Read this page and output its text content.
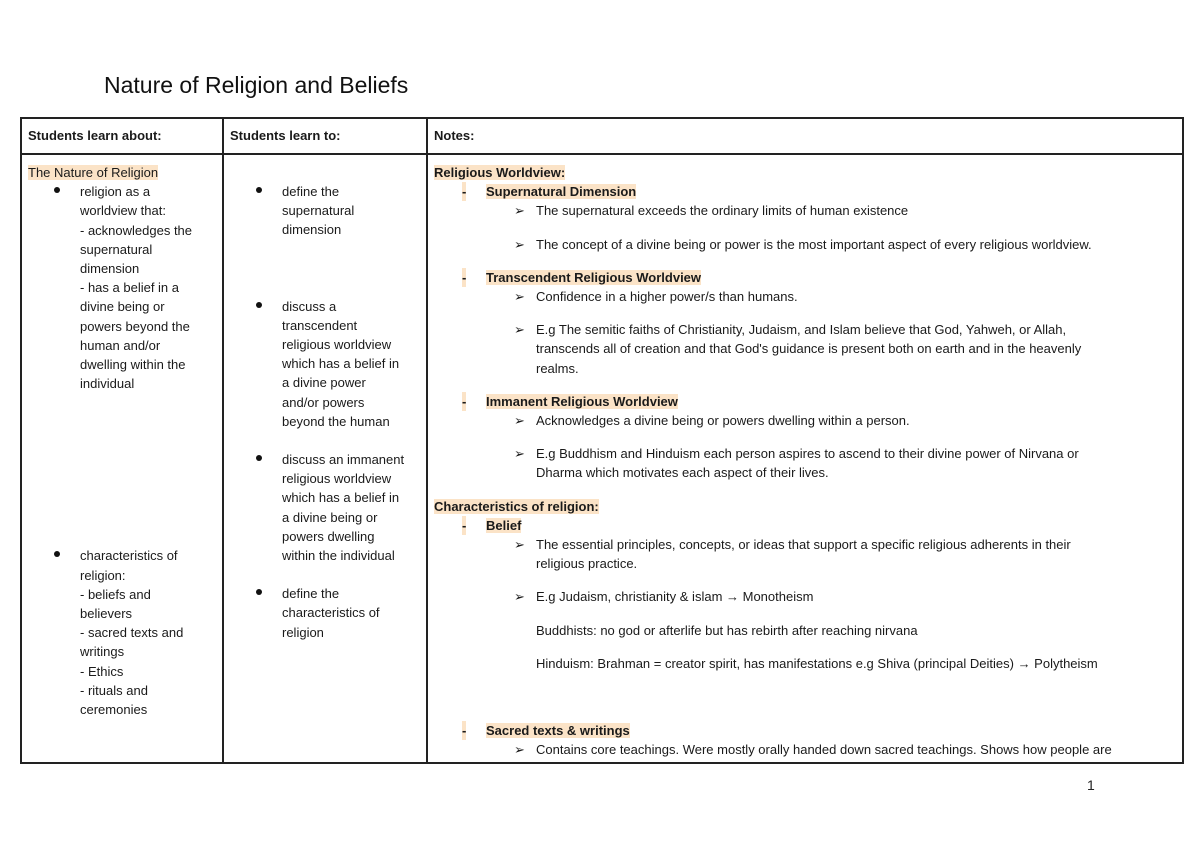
Nature of Religion and Beliefs
Students learn about:	Students learn to:	Notes:
The Nature of Religion
religion as a
worldview that:
- acknowledges the
supernatural
dimension
- has a belief in a
divine being or
powers beyond the
human and/or
dwelling within the
individual
characteristics of
religion:
- beliefs and
believers
- sacred texts and
writings
- Ethics
- rituals and
ceremonies
define the
supernatural
dimension
discuss a
transcendent
religious worldview
which has a belief in
a divine power
and/or powers
beyond the human
discuss an immanent
religious worldview
which has a belief in
a divine being or
powers dwelling
within the individual
define the
characteristics of
religion
Religious Worldview:
- Supernatural Dimension
➢ The supernatural exceeds the ordinary limits of human existence
➢ The concept of a divine being or power is the most important aspect of every religious worldview.
- Transcendent Religious Worldview
➢ Confidence in a higher power/s than humans.
➢ E.g The semitic faiths of Christianity, Judaism, and Islam believe that God, Yahweh, or Allah,
transcends all of creation and that God's guidance is present both on earth and in the heavenly
realms.
- Immanent Religious Worldview
➢ Acknowledges a divine being or powers dwelling within a person.
➢ E.g Buddhism and Hinduism each person aspires to ascend to their divine power of Nirvana or
Dharma which motivates each aspect of their lives.
Characteristics of religion:
- Belief
➢ The essential principles, concepts, or ideas that support a specific religious adherents in their
religious practice.
➢ E.g Judaism, christianity & islam → Monotheism
Buddhists: no god or afterlife but has rebirth after reaching nirvana
Hinduism: Brahman = creator spirit, has manifestations e.g Shiva (principal Deities) → Polytheism
- Sacred texts & writings
➢ Contains core teachings. Were mostly orally handed down sacred teachings. Shows how people are
1
